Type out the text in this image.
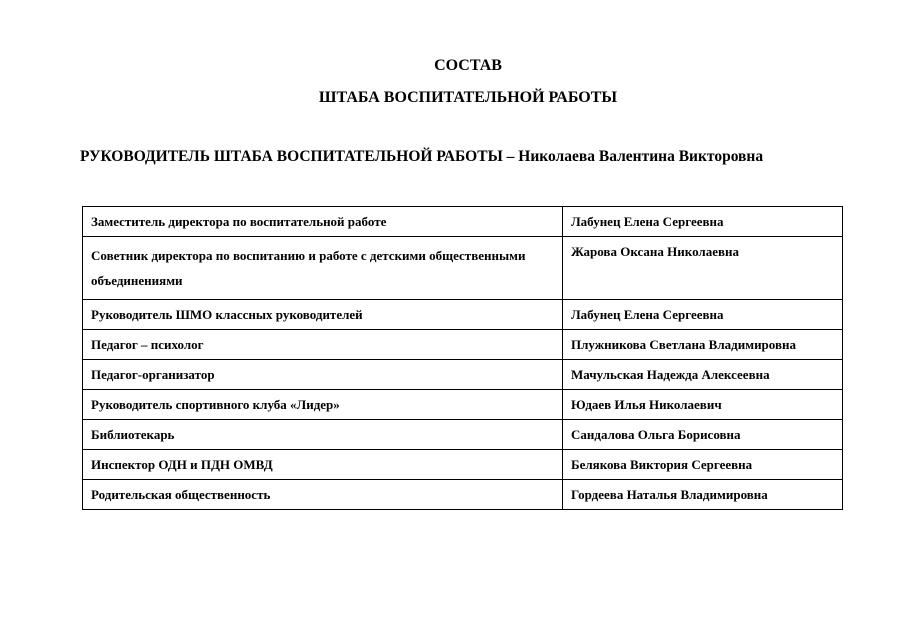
СОСТАВ
ШТАБА ВОСПИТАТЕЛЬНОЙ РАБОТЫ
РУКОВОДИТЕЛЬ ШТАБА ВОСПИТАТЕЛЬНОЙ РАБОТЫ – Николаева Валентина Викторовна
Заместитель директора по воспитательной работе	Лабунец Елена Сергеевна
Советник директора по воспитанию и работе с детскими общественными объединениями	Жарова Оксана Николаевна
Руководитель ШМО классных руководителей	Лабунец Елена Сергеевна
Педагог – психолог	Плужникова Светлана Владимировна
Педагог-организатор	Мачульская Надежда Алексеевна
Руководитель спортивного клуба «Лидер»	Юдаев Илья Николаевич
Библиотекарь	Сандалова Ольга Борисовна
Инспектор ОДН и ПДН ОМВД	Белякова Виктория Сергеевна
Родительская общественность	Гордеева Наталья Владимировна
